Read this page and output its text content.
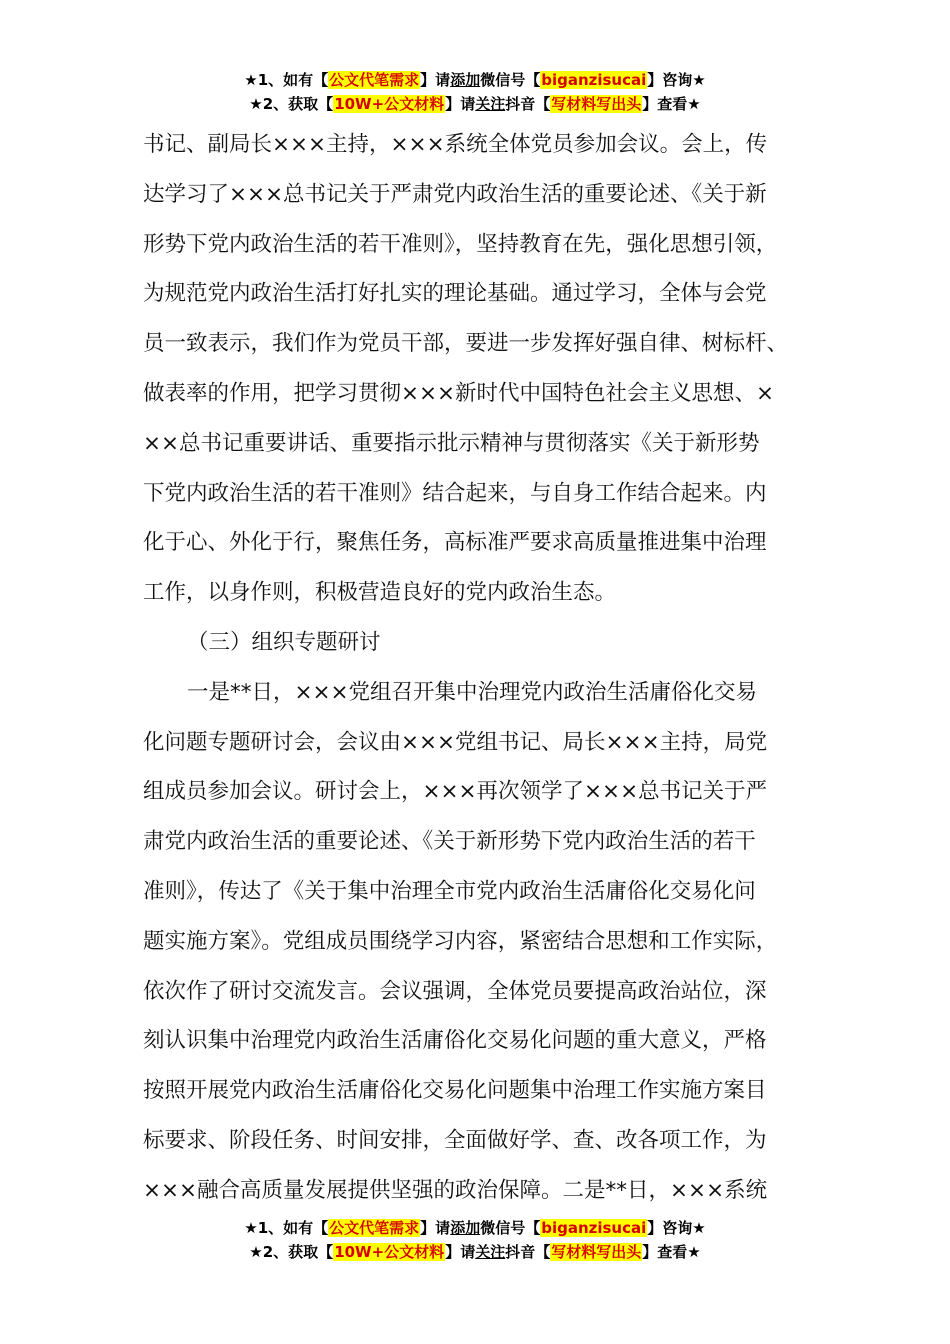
★1、如有【公文代笔需求】请添加微信号【biganzisucai】咨询★
★2、获取【10W+公文材料】请关注抖音【写材料写出头】查看★
书记、副局长×××主持，×××系统全体党员参加会议。会上，传
达学习了×××总书记关于严肃党内政治生活的重要论述、《关于新
形势下党内政治生活的若干准则》，坚持教育在先，强化思想引领，
为规范党内政治生活打好扎实的理论基础。通过学习，全体与会党
员一致表示，我们作为党员干部，要进一步发挥好强自律、树标杆、
做表率的作用，把学习贯彻×××新时代中国特色社会主义思想、×
××总书记重要讲话、重要指示批示精神与贯彻落实《关于新形势
下党内政治生活的若干准则》结合起来，与自身工作结合起来。内
化于心、外化于行，聚焦任务，高标准严要求高质量推进集中治理
工作，以身作则，积极营造良好的党内政治生态。
（三）组织专题研讨
一是**日，×××党组召开集中治理党内政治生活庸俗化交易
化问题专题研讨会，会议由×××党组书记、局长×××主持，局党
组成员参加会议。研讨会上，×××再次领学了×××总书记关于严
肃党内政治生活的重要论述、《关于新形势下党内政治生活的若干
准则》，传达了《关于集中治理全市党内政治生活庸俗化交易化问
题实施方案》。党组成员围绕学习内容，紧密结合思想和工作实际，
依次作了研讨交流发言。会议强调，全体党员要提高政治站位，深
刻认识集中治理党内政治生活庸俗化交易化问题的重大意义，严格
按照开展党内政治生活庸俗化交易化问题集中治理工作实施方案目
标要求、阶段任务、时间安排，全面做好学、查、改各项工作，为
×××融合高质量发展提供坚强的政治保障。二是**日，×××系统
★1、如有【公文代笔需求】请添加微信号【biganzisucai】咨询★
★2、获取【10W+公文材料】请关注抖音【写材料写出头】查看★
